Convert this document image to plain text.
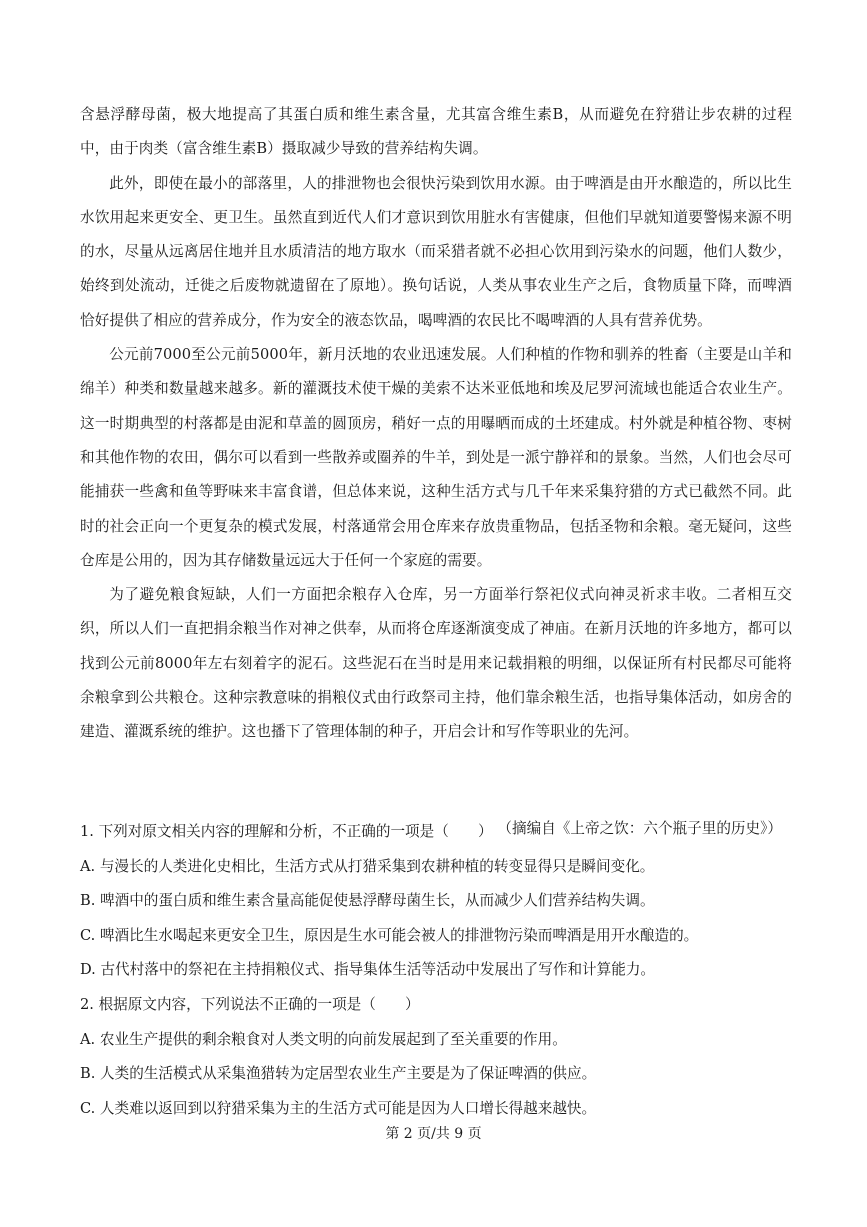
含悬浮酵母菌，极大地提高了其蛋白质和维生素含量，尤其富含维生素B，从而避免在狩猎让步农耕的过程中，由于肉类（富含维生素B）摄取减少导致的营养结构失调。

此外，即使在最小的部落里，人的排泄物也会很快污染到饮用水源。由于啤酒是由开水酿造的，所以比生水饮用起来更安全、更卫生。虽然直到近代人们才意识到饮用脏水有害健康，但他们早就知道要警惕来源不明的水，尽量从远离居住地并且水质清洁的地方取水（而采猎者就不必担心饮用到污染水的问题，他们人数少，始终到处流动，迁徙之后废物就遗留在了原地）。换句话说，人类从事农业生产之后，食物质量下降，而啤酒恰好提供了相应的营养成分，作为安全的液态饮品，喝啤酒的农民比不喝啤酒的人具有营养优势。

公元前7000至公元前5000年，新月沃地的农业迅速发展。人们种植的作物和驯养的牲畜（主要是山羊和绵羊）种类和数量越来越多。新的灌溉技术使干燥的美索不达米亚低地和埃及尼罗河流域也能适合农业生产。这一时期典型的村落都是由泥和草盖的圆顶房，稍好一点的用曝晒而成的土坯建成。村外就是种植谷物、枣树和其他作物的农田，偶尔可以看到一些散养或圈养的牛羊，到处是一派宁静祥和的景象。当然，人们也会尽可能捕获一些禽和鱼等野味来丰富食谱，但总体来说，这种生活方式与几千年来采集狩猎的方式已截然不同。此时的社会正向一个更复杂的模式发展，村落通常会用仓库来存放贵重物品，包括圣物和余粮。毫无疑问，这些仓库是公用的，因为其存储数量远远大于任何一个家庭的需要。

为了避免粮食短缺，人们一方面把余粮存入仓库，另一方面举行祭祀仪式向神灵祈求丰收。二者相互交织，所以人们一直把捐余粮当作对神之供奉，从而将仓库逐渐演变成了神庙。在新月沃地的许多地方，都可以找到公元前8000年左右刻着字的泥石。这些泥石在当时是用来记载捐粮的明细，以保证所有村民都尽可能将余粮拿到公共粮仓。这种宗教意味的捐粮仪式由行政祭司主持，他们靠余粮生活，也指导集体活动，如房舍的建造、灌溉系统的维护。这也播下了管理体制的种子，开启会计和写作等职业的先河。

（摘编自《上帝之饮：六个瓶子里的历史》）

1. 下列对原文相关内容的理解和分析，不正确的一项是（　　）

A. 与漫长的人类进化史相比，生活方式从打猎采集到农耕种植的转变显得只是瞬间变化。

B. 啤酒中的蛋白质和维生素含量高能促使悬浮酵母菌生长，从而减少人们营养结构失调。

C. 啤酒比生水喝起来更安全卫生，原因是生水可能会被人的排泄物污染而啤酒是用开水酿造的。

D. 古代村落中的祭祀在主持捐粮仪式、指导集体生活等活动中发展出了写作和计算能力。

2. 根据原文内容，下列说法不正确的一项是（　　）

A. 农业生产提供的剩余粮食对人类文明的向前发展起到了至关重要的作用。

B. 人类的生活模式从采集渔猎转为定居型农业生产主要是为了保证啤酒的供应。

C. 人类难以返回到以狩猎采集为主的生活方式可能是因为人口增长得越来越快。

第 2 页/共 9 页
